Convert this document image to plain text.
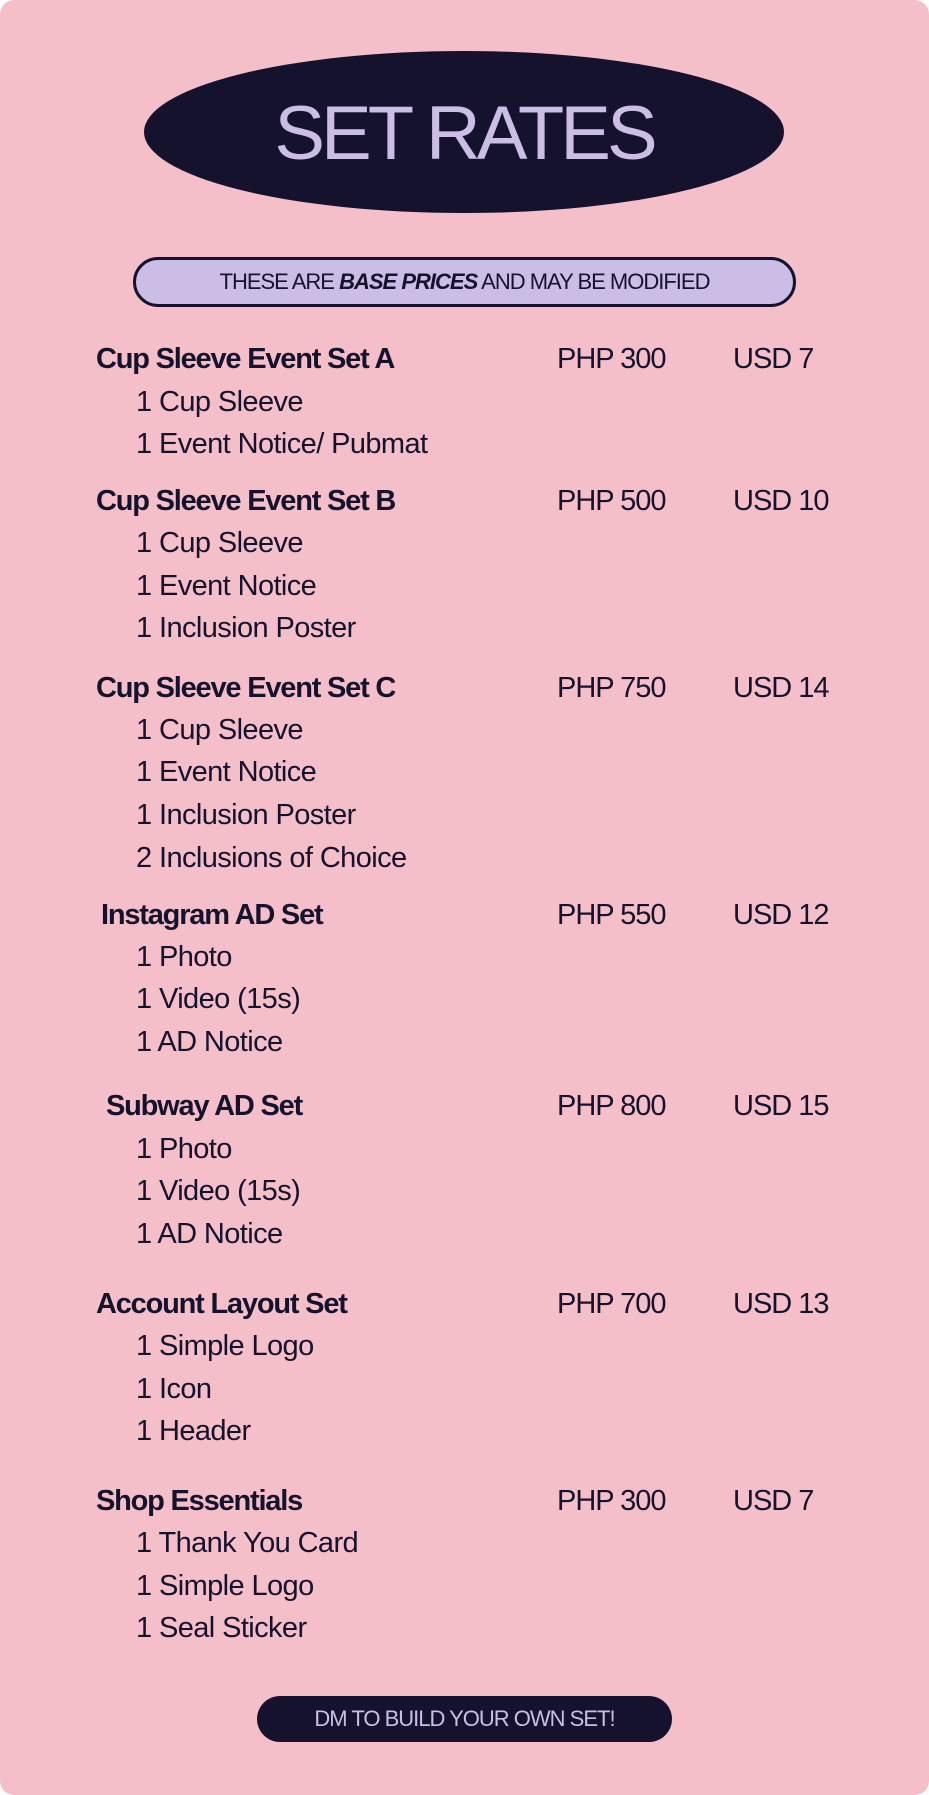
SET RATES
THESE ARE BASE PRICES AND MAY BE MODIFIED
Cup Sleeve Event Set A	PHP 300 USD 7
1 Cup Sleeve
1 Event Notice/ Pubmat
Cup Sleeve Event Set B	PHP 500 USD 10
1 Cup Sleeve
1 Event Notice
1 Inclusion Poster
Cup Sleeve Event Set C	PHP 750 USD 14
1 Cup Sleeve
1 Event Notice
1 Inclusion Poster
2 Inclusions of Choice
Instagram AD Set	PHP 550 USD 12
1 Photo
1 Video (15s)
1 AD Notice
Subway AD Set	PHP 800 USD 15
1 Photo
1 Video (15s)
1 AD Notice
Account Layout Set	PHP 700 USD 13
1 Simple Logo
1 Icon
1 Header
Shop Essentials	PHP 300 USD 7
1 Thank You Card
1 Simple Logo
1 Seal Sticker
DM TO BUILD YOUR OWN SET!
